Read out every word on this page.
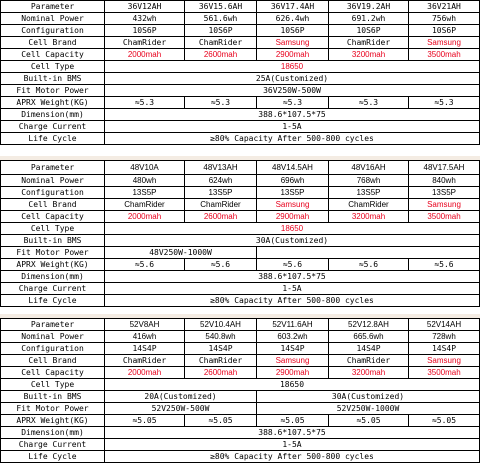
Parameter	36V12AH	36V15.6AH	36V17.4AH	36V19.2AH	36V21AH
Nominal Power	432wh	561.6wh	626.4wh	691.2wh	756wh
Configuration	10S6P	10S6P	10S6P	10S6P	10S6P
Cell Brand	ChamRider	ChamRider	Samsung	ChamRider	Samsung
Cell Capacity	2000mah	2600mah	2900mah	3200mah	3500mah
Cell Type	18650				
Built-in BMS	25A(Customized)				
Fit Motor Power	36V250W-500W				
APRX Weight(KG)	≈5.3	≈5.3	≈5.3	≈5.3	≈5.3
Dimension(mm)	388.6*107.5*75				
Charge Current	1-5A				
Life Cycle	≥80% Capacity After 500-800 cycles				
Parameter	48V10A	48V13AH	48V14.5AH	48V16AH	48V17.5AH
Nominal Power	480wh	624wh	696wh	768wh	840wh
Configuration	13S5P	13S5P	13S5P	13S5P	13S5P
Cell Brand	ChamRider	ChamRider	Samsung	ChamRider	Samsung
Cell Capacity	2000mah	2600mah	2900mah	3200mah	3500mah
Cell Type	18650				
Built-in BMS	30A(Customized)				
Fit Motor Power	48V250W-1000W				
APRX Weight(KG)	≈5.6	≈5.6	≈5.6	≈5.6	≈5.6
Dimension(mm)	388.6*107.5*75				
Charge Current	1-5A				
Life Cycle	≥80% Capacity After 500-800 cycles				
Parameter	52V8AH	52V10.4AH	52V11.6AH	52V12.8AH	52V14AH
Nominal Power	416wh	540.8wh	603.2wh	665.6wh	728wh
Configuration	14S4P	14S4P	14S4P	14S4P	14S4P
Cell Brand	ChamRider	ChamRider	Samsung	ChamRider	Samsung
Cell Capacity	2000mah	2600mah	2900mah	3200mah	3500mah
Cell Type	18650				
Built-in BMS	20A(Customized)		30A(Customized)		
Fit Motor Power	52V250W-500W		52V250W-1000W		
APRX Weight(KG)	≈5.05	≈5.05	≈5.05	≈5.05	≈5.05
Dimension(mm)	388.6*107.5*75				
Charge Current	1-5A				
Life Cycle	≥80% Capacity After 500-800 cycles				
